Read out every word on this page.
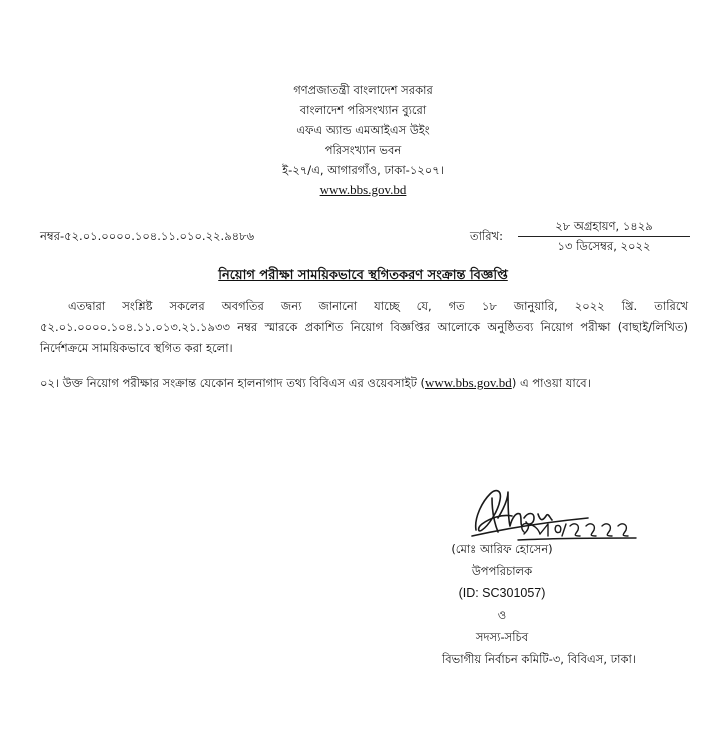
গণপ্রজাতন্ত্রী বাংলাদেশ সরকার
বাংলাদেশ পরিসংখ্যান ব্যুরো
এফএ অ্যান্ড এমআইএস উইং
পরিসংখ্যান ভবন
ই-২৭/এ, আগারগাঁও, ঢাকা-১২০৭।
www.bbs.gov.bd
নম্বর-৫২.০১.০০০০.১০৪.১১.০১০.২২.৯৪৮৬	তারিখ:
২৮ অগ্রহায়ণ, ১৪২৯
১৩ ডিসেম্বর, ২০২২
নিয়োগ পরীক্ষা সাময়িকভাবে স্থগিতকরণ সংক্রান্ত বিজ্ঞপ্তি
এতদ্বারা সংশ্লিষ্ট সকলের অবগতির জন্য জানানো যাচ্ছে যে, গত ১৮ জানুয়ারি, ২০২২ খ্রি. তারিখে ৫২.০১.০০০০.১০৪.১১.০১৩.২১.১৯৩৩ নম্বর স্মারকে প্রকাশিত নিয়োগ বিজ্ঞপ্তির আলোকে অনুষ্ঠিতব্য নিয়োগ পরীক্ষা (বাছাই/লিখিত) নির্দেশক্রমে সাময়িকভাবে স্থগিত করা হলো।
০২। উক্ত নিয়োগ পরীক্ষার সংক্রান্ত যেকোন হালনাগাদ তথ্য বিবিএস এর ওয়েবসাইট (www.bbs.gov.bd) এ পাওয়া যাবে।
(মোঃ আরিফ হোসেন)
উপপরিচালক
(ID: SC301057)
ও
সদস্য-সচিব
বিভাগীয় নির্বাচন কমিটি-৩, বিবিএস, ঢাকা।
